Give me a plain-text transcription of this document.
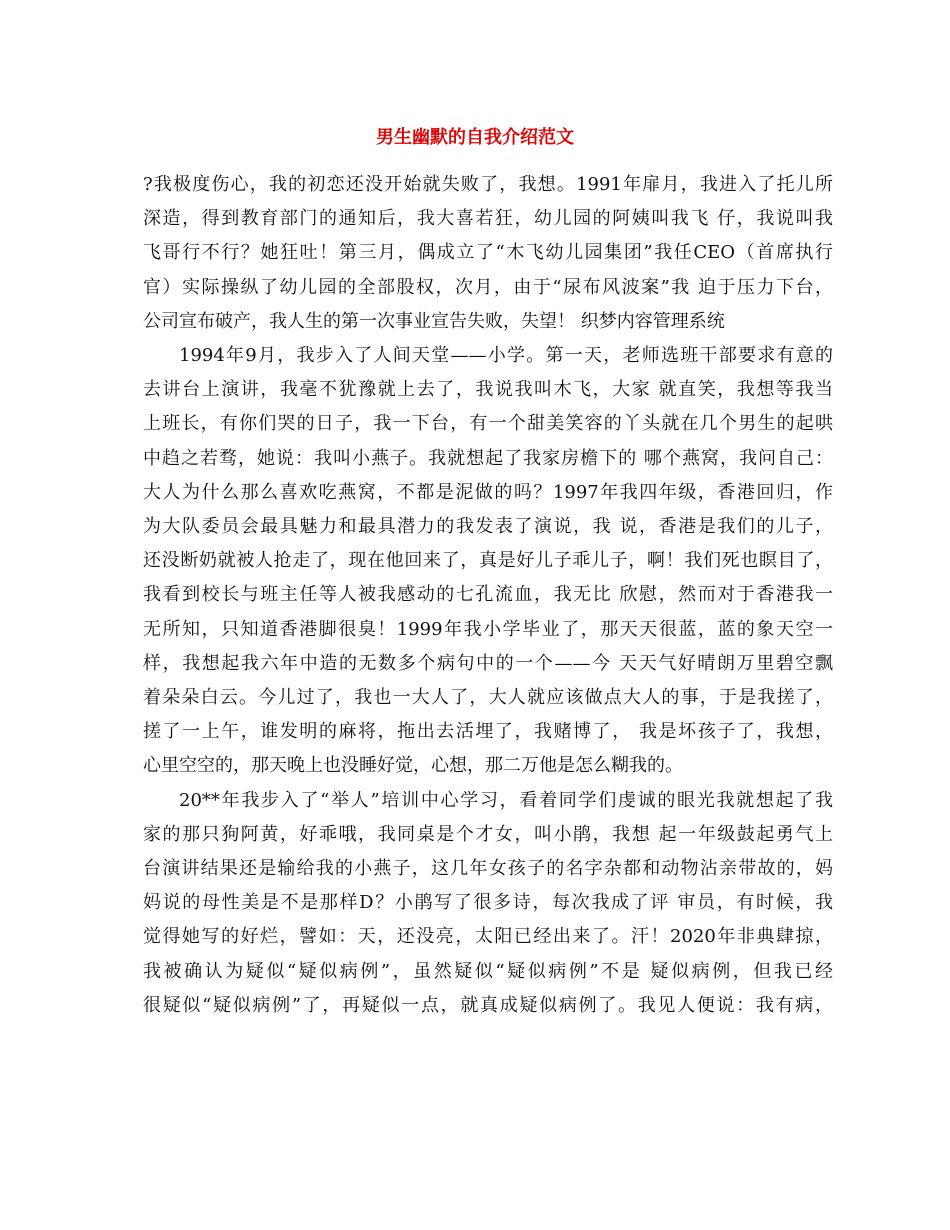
男生幽默的自我介绍范文
?我极度伤心，我的初恋还没开始就失败了，我想。1991年扉月，我进入了托儿所
深造，得到教育部门的通知后，我大喜若狂，幼儿园的阿姨叫我飞 仔，我说叫我
飞哥行不行？她狂吐！第三月，偶成立了“木飞幼儿园集团”我任CEO（首席执行
官）实际操纵了幼儿园的全部股权，次月，由于“尿布风波案”我 迫于压力下台，
公司宣布破产，我人生的第一次事业宣告失败，失望！ 织梦内容管理系统
1994年9月，我步入了人间天堂——小学。第一天，老师选班干部要求有意的
去讲台上演讲，我毫不犹豫就上去了，我说我叫木飞，大家 就直笑，我想等我当
上班长，有你们哭的日子，我一下台，有一个甜美笑容的丫头就在几个男生的起哄
中趋之若骛，她说：我叫小燕子。我就想起了我家房檐下的 哪个燕窝，我问自己：
大人为什么那么喜欢吃燕窝，不都是泥做的吗？1997年我四年级，香港回归，作
为大队委员会最具魅力和最具潜力的我发表了演说，我 说，香港是我们的儿子，
还没断奶就被人抢走了，现在他回来了，真是好儿子乖儿子，啊！我们死也瞑目了，
我看到校长与班主任等人被我感动的七孔流血，我无比 欣慰，然而对于香港我一
无所知，只知道香港脚很臭！1999年我小学毕业了，那天天很蓝，蓝的象天空一
样，我想起我六年中造的无数多个病句中的一个——今 天天气好晴朗万里碧空飘
着朵朵白云。今儿过了，我也一大人了，大人就应该做点大人的事，于是我搓了，
搓了一上午，谁发明的麻将，拖出去活埋了，我赌博了， 我是坏孩子了，我想，
心里空空的，那天晚上也没睡好觉，心想，那二万他是怎么糊我的。
20**年我步入了“举人”培训中心学习，看着同学们虔诚的眼光我就想起了我
家的那只狗阿黄，好乖哦，我同桌是个才女，叫小鹃，我想 起一年级鼓起勇气上
台演讲结果还是输给我的小燕子，这几年女孩子的名字杂都和动物沾亲带故的，妈
妈说的母性美是不是那样D？小鹃写了很多诗，每次我成了评 审员，有时候，我
觉得她写的好烂，譬如：天，还没亮，太阳已经出来了。汗！2020年非典肆掠，
我被确认为疑似“疑似病例”，虽然疑似“疑似病例”不是 疑似病例，但我已经
很疑似“疑似病例”了，再疑似一点，就真成疑似病例了。我见人便说：我有病，
